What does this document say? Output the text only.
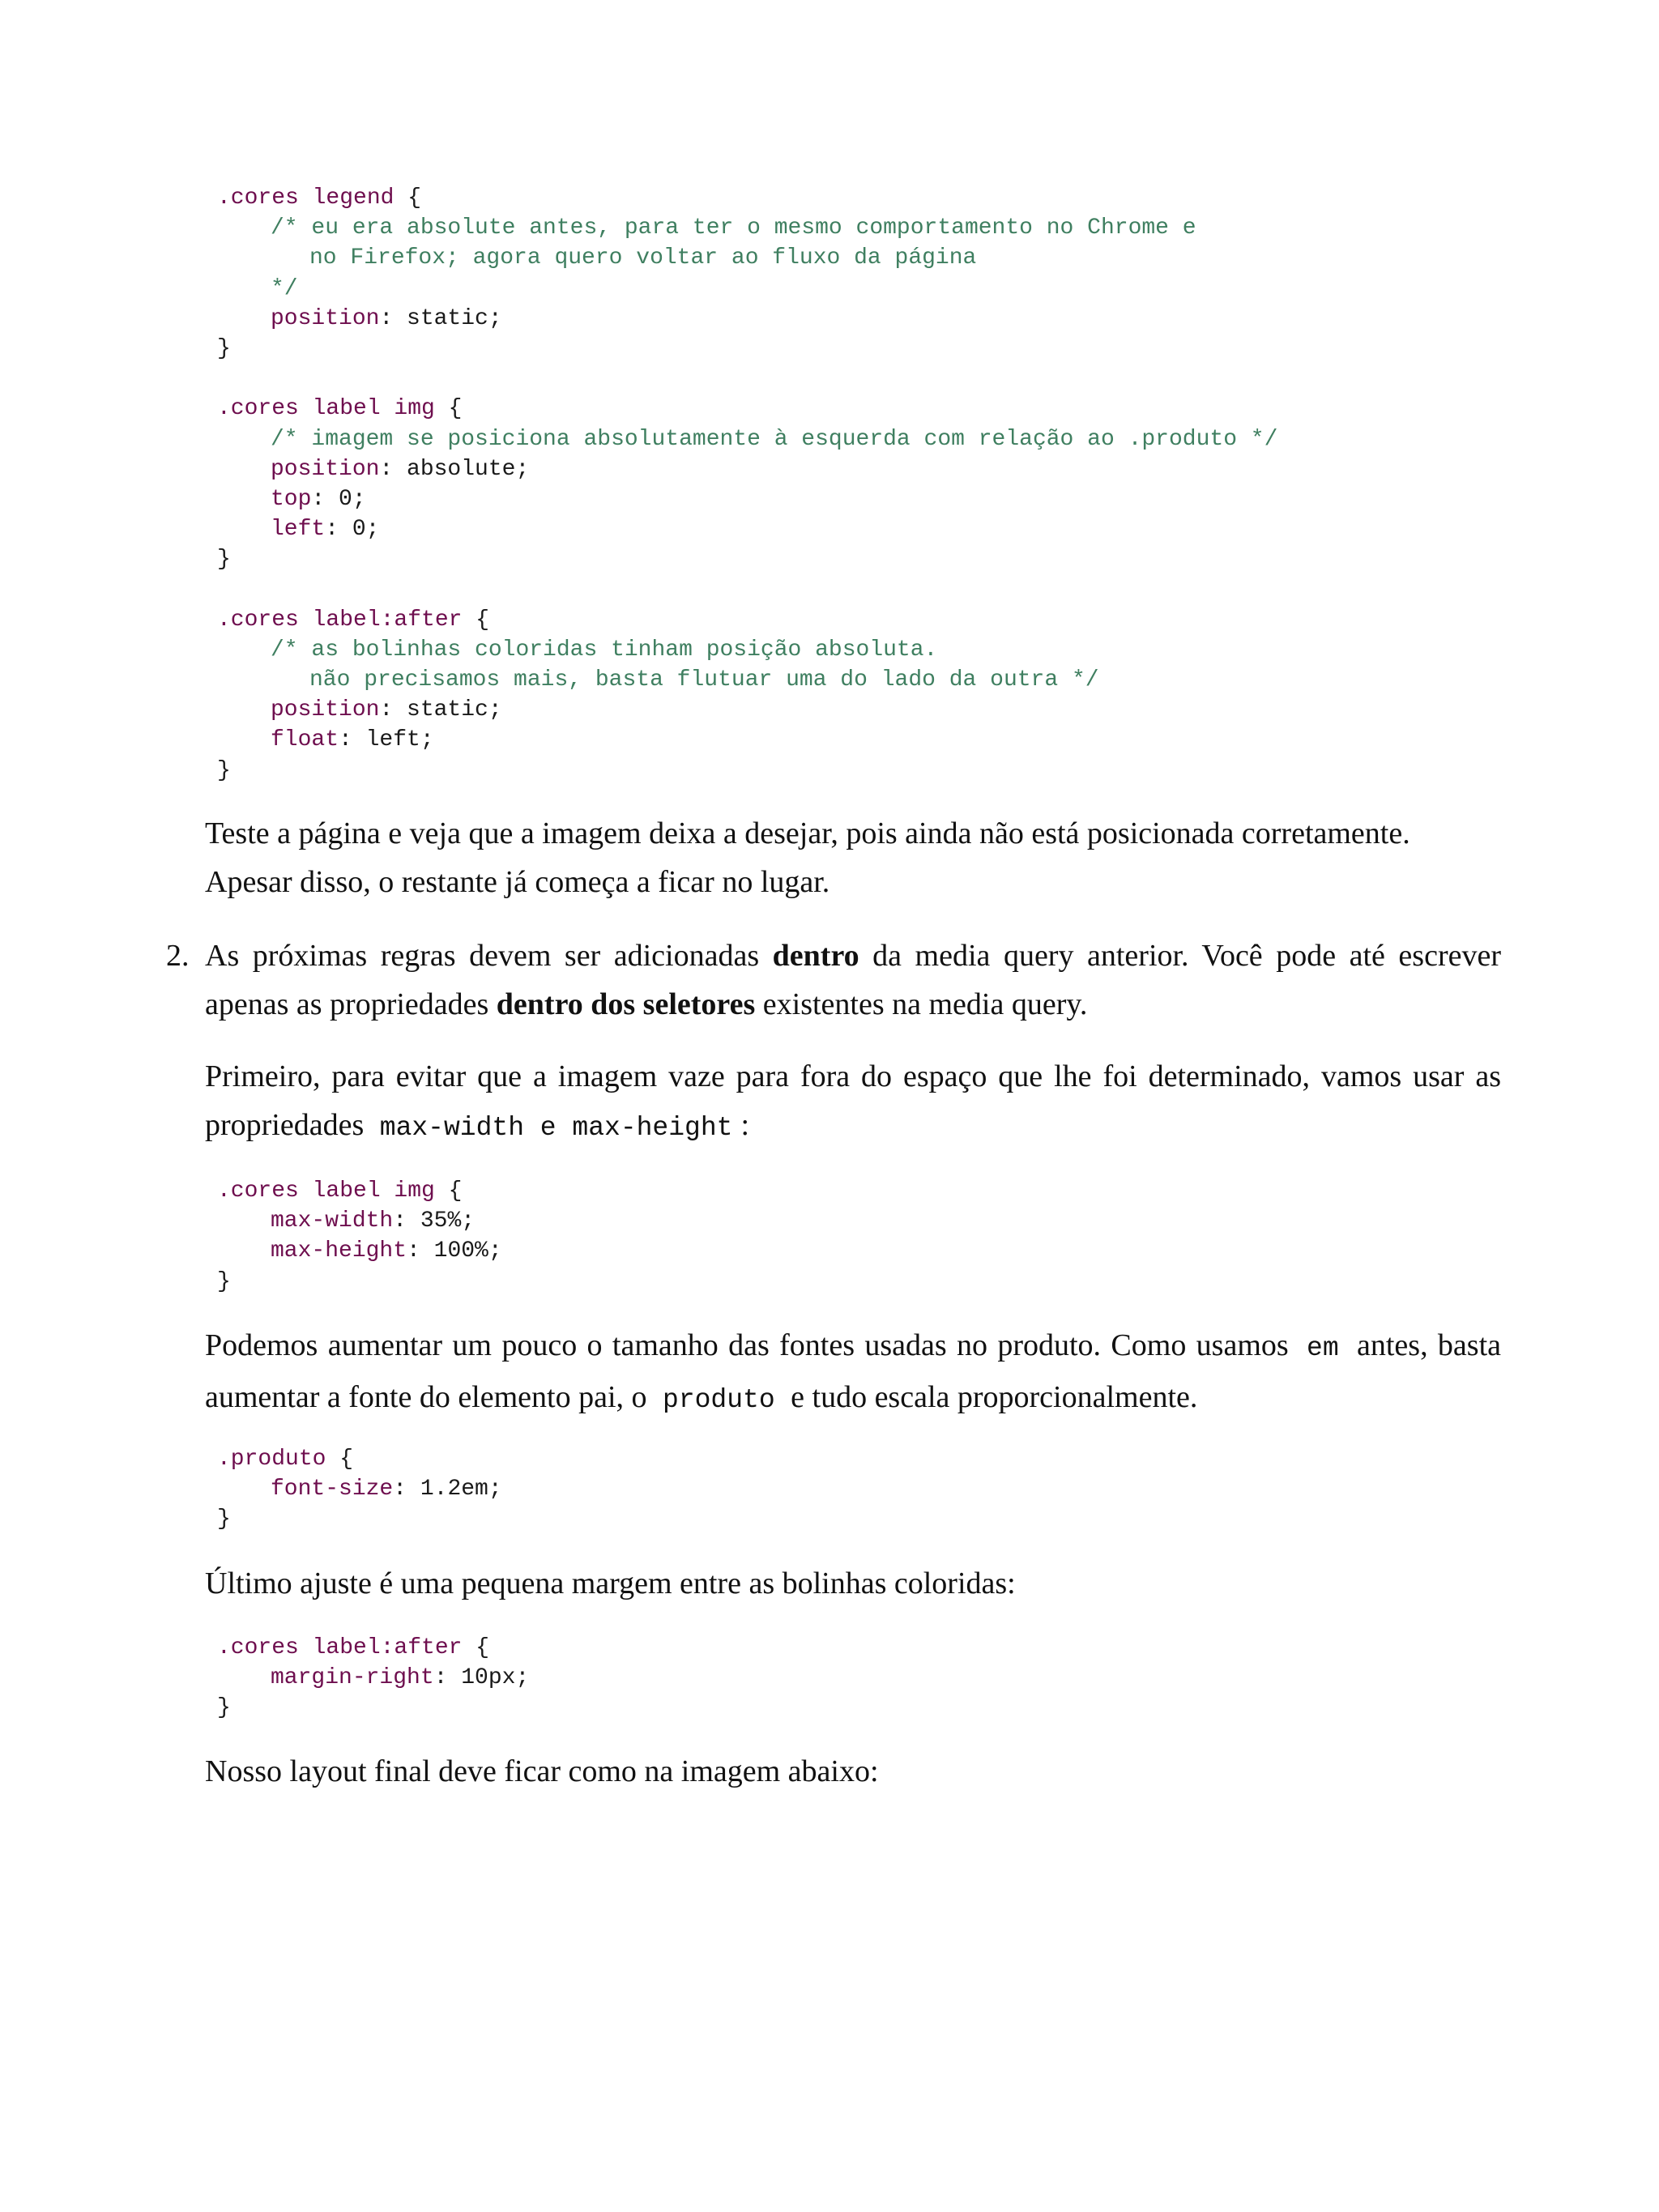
.cores legend {
/* eu era absolute antes, para ter o mesmo comportamento no Chrome e
no Firefox; agora quero voltar ao fluxo da página
*/
position: static;
}
.cores label img {
/* imagem se posiciona absolutamente à esquerda com relação ao .produto */
position: absolute;
top: 0;
left: 0;
}
.cores label:after {
/* as bolinhas coloridas tinham posição absoluta.
não precisamos mais, basta flutuar uma do lado da outra */
position: static;
float: left;
}

Teste a página e veja que a imagem deixa a desejar, pois ainda não está posicionada corretamente.
Apesar disso, o restante já começa a ficar no lugar.

2. As próximas regras devem ser adicionadas dentro da media query anterior. Você pode até escrever apenas as propriedades dentro dos seletores existentes na media query.

Primeiro, para evitar que a imagem vaze para fora do espaço que lhe foi determinado, vamos usar as propriedades max-width e max-height :

.cores label img {
max-width: 35%;
max-height: 100%;
}

Podemos aumentar um pouco o tamanho das fontes usadas no produto. Como usamos em antes, basta aumentar a fonte do elemento pai, o produto e tudo escala proporcionalmente.

.produto {
font-size: 1.2em;
}

Último ajuste é uma pequena margem entre as bolinhas coloridas:

.cores label:after {
margin-right: 10px;
}

Nosso layout final deve ficar como na imagem abaixo:
